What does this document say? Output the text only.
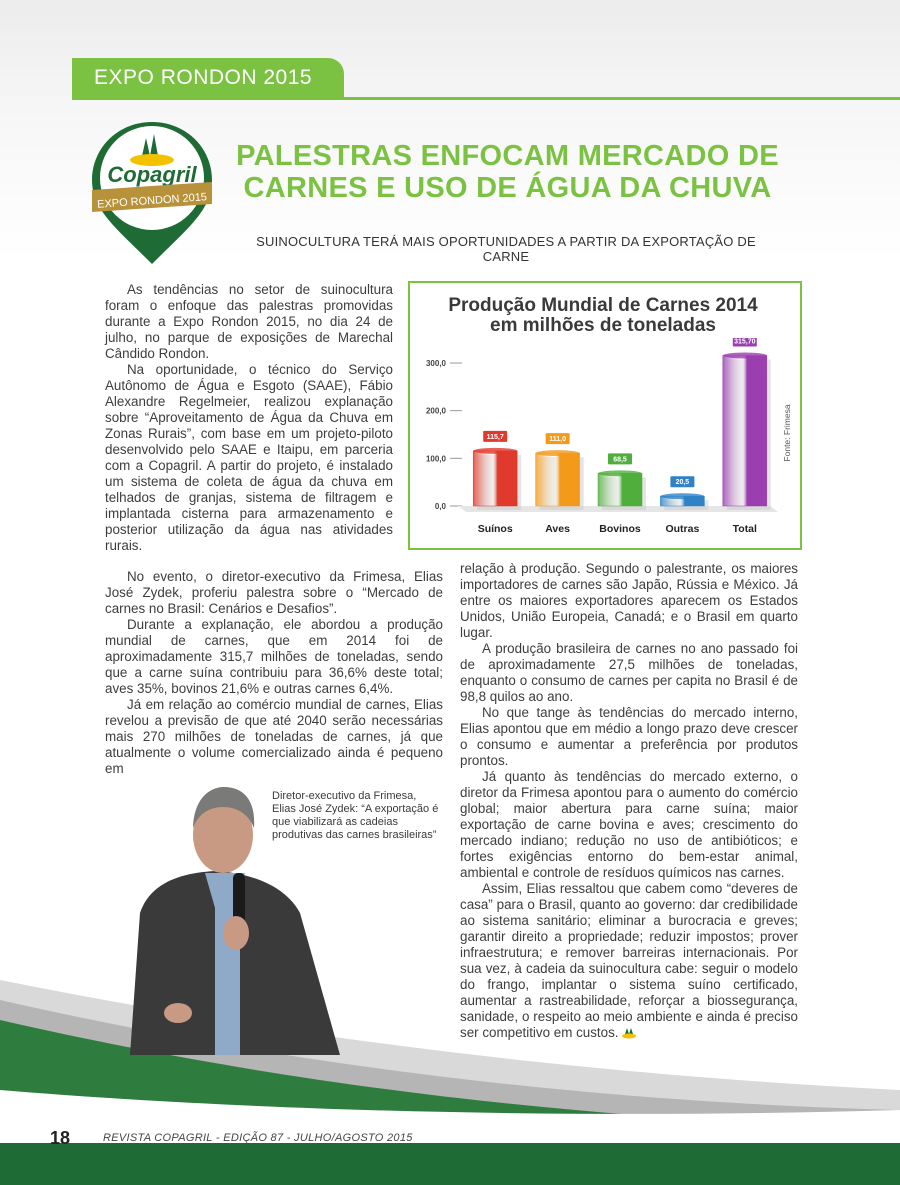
EXPO RONDON 2015
Copagril
EXPO RONDON 2015
PALESTRAS ENFOCAM MERCADO DE CARNES E USO DE ÁGUA DA CHUVA
SUINOCULTURA TERÁ MAIS OPORTUNIDADES A PARTIR DA EXPORTAÇÃO DE CARNE

As tendências no setor de suinocultura foram o enfoque das palestras promovidas durante a Expo Rondon 2015, no dia 24 de julho, no parque de exposições de Marechal Cândido Rondon.

Na oportunidade, o técnico do Serviço Autônomo de Água e Esgoto (SAAE), Fábio Alexandre Regelmeier, realizou explanação sobre “Aproveitamento de Água da Chuva em Zonas Rurais”, com base em um projeto-piloto desenvolvido pelo SAAE e Itaipu, em parceria com a Copagril. A partir do projeto, é instalado um sistema de coleta de água da chuva em telhados de granjas, sistema de filtragem e implantada cisterna para armazenamento e posterior utilização da água nas atividades rurais.

Produção Mundial de Carnes 2014
em milhões de toneladas
0,0
100,0
200,0
300,0
115,7
Suínos
111,0
Aves
68,5
Bovinos
20,5
Outras
315,70
Total
Fonte: Frimesa

No evento, o diretor-executivo da Frimesa, Elias José Zydek, proferiu palestra sobre o “Mercado de carnes no Brasil: Cenários e Desafios”.

Durante a explanação, ele abordou a produção mundial de carnes, que em 2014 foi de aproximadamente 315,7 milhões de toneladas, sendo que a carne suína contribuiu para 36,6% deste total; aves 35%, bovinos 21,6% e outras carnes 6,4%.

Já em relação ao comércio mundial de carnes, Elias revelou a previsão de que até 2040 serão necessárias mais 270 milhões de toneladas de carnes, já que atualmente o volume comercializado ainda é pequeno em

relação à produção. Segundo o palestrante, os maiores importadores de carnes são Japão, Rússia e México. Já entre os maiores exportadores aparecem os Estados Unidos, União Europeia, Canadá; e o Brasil em quarto lugar.

A produção brasileira de carnes no ano passado foi de aproximadamente 27,5 milhões de toneladas, enquanto o consumo de carnes per capita no Brasil é de 98,8 quilos ao ano.

No que tange às tendências do mercado interno, Elias apontou que em médio a longo prazo deve crescer o consumo e aumentar a preferência por produtos prontos.

Já quanto às tendências do mercado externo, o diretor da Frimesa apontou para o aumento do comércio global; maior abertura para carne suína; maior exportação de carne bovina e aves; crescimento do mercado indiano; redução no uso de antibióticos; e fortes exigências entorno do bem-estar animal, ambiental e controle de resíduos químicos nas carnes.

Assim, Elias ressaltou que cabem como “deveres de casa” para o Brasil, quanto ao governo: dar credibilidade ao sistema sanitário; eliminar a burocracia e greves; garantir direito a propriedade; reduzir impostos; prover infraestrutura; e remover barreiras internacionais. Por sua vez, à cadeia da suinocultura cabe: seguir o modelo do frango, implantar o sistema suíno certificado, aumentar a rastreabilidade, reforçar a biossegurança, sanidade, o respeito ao meio ambiente e ainda é preciso ser competitivo em custos.

Diretor-executivo da Frimesa, Elias José Zydek: “A exportação é que viabilizará as cadeias produtivas das carnes brasileiras”
18	REVISTA COPAGRIL - EDIÇÃO 87 - JULHO/AGOSTO 2015
